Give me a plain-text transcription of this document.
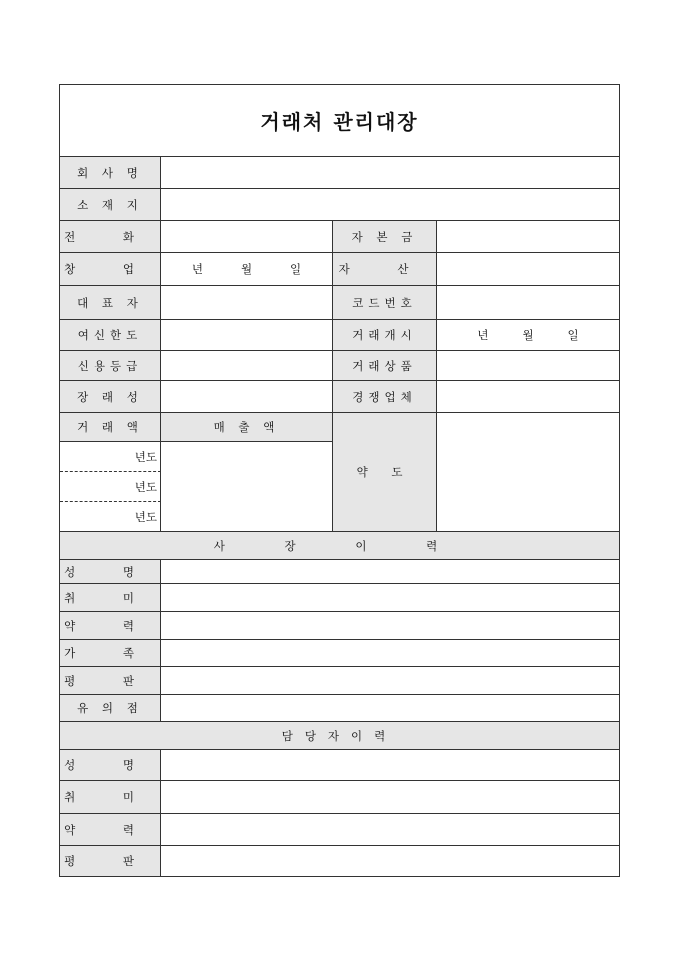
거래처 관리대장
회 사 명
소 재 지
전 화	자 본 금
창 업	년	월	일	자 산
대 표 자	코드번호
여신한도	거래개시	년	월	일
신용등급	거래상품
장 래 성	경쟁업체
거 래 액	매 출 액
약 도
년도
년도
년도
사 장 이 력
성 명
취 미
약 력
가 족
평 판
유 의 점
담당자이력
성 명
취 미
약 력
평 판
